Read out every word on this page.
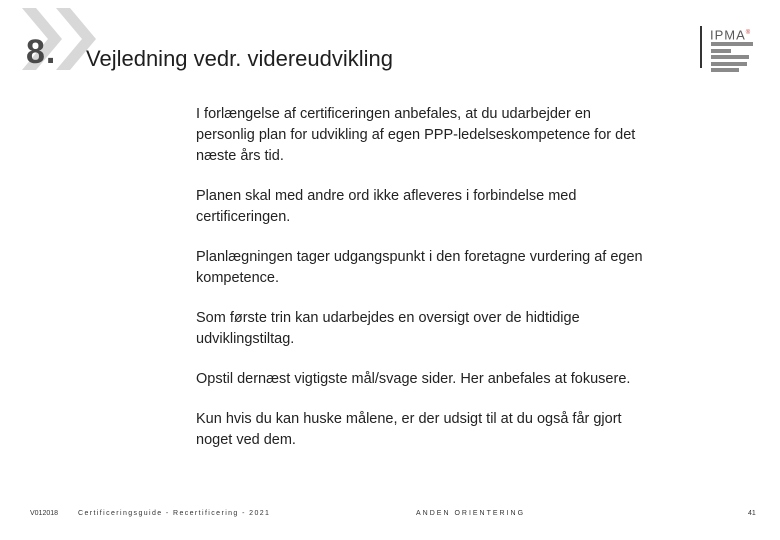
8. Vejledning vedr. videreudvikling
IPMA®

I forlængelse af certificeringen anbefales, at du udarbejder en personlig plan for udvikling af egen PPP-ledelseskompetence for det næste års tid.

Planen skal med andre ord ikke afleveres i forbindelse med certificeringen.

Planlægningen tager udgangspunkt i den foretagne vurdering af egen kompetence.

Som første trin kan udarbejdes en oversigt over de hidtidige udviklingstiltag.

Opstil dernæst vigtigste mål/svage sider. Her anbefales at fokusere.

Kun hvis du kan huske målene, er der udsigt til at du også får gjort noget ved dem.

V012018	Certificeringsguide - Recertificering - 2021	ANDEN ORIENTERING	41
